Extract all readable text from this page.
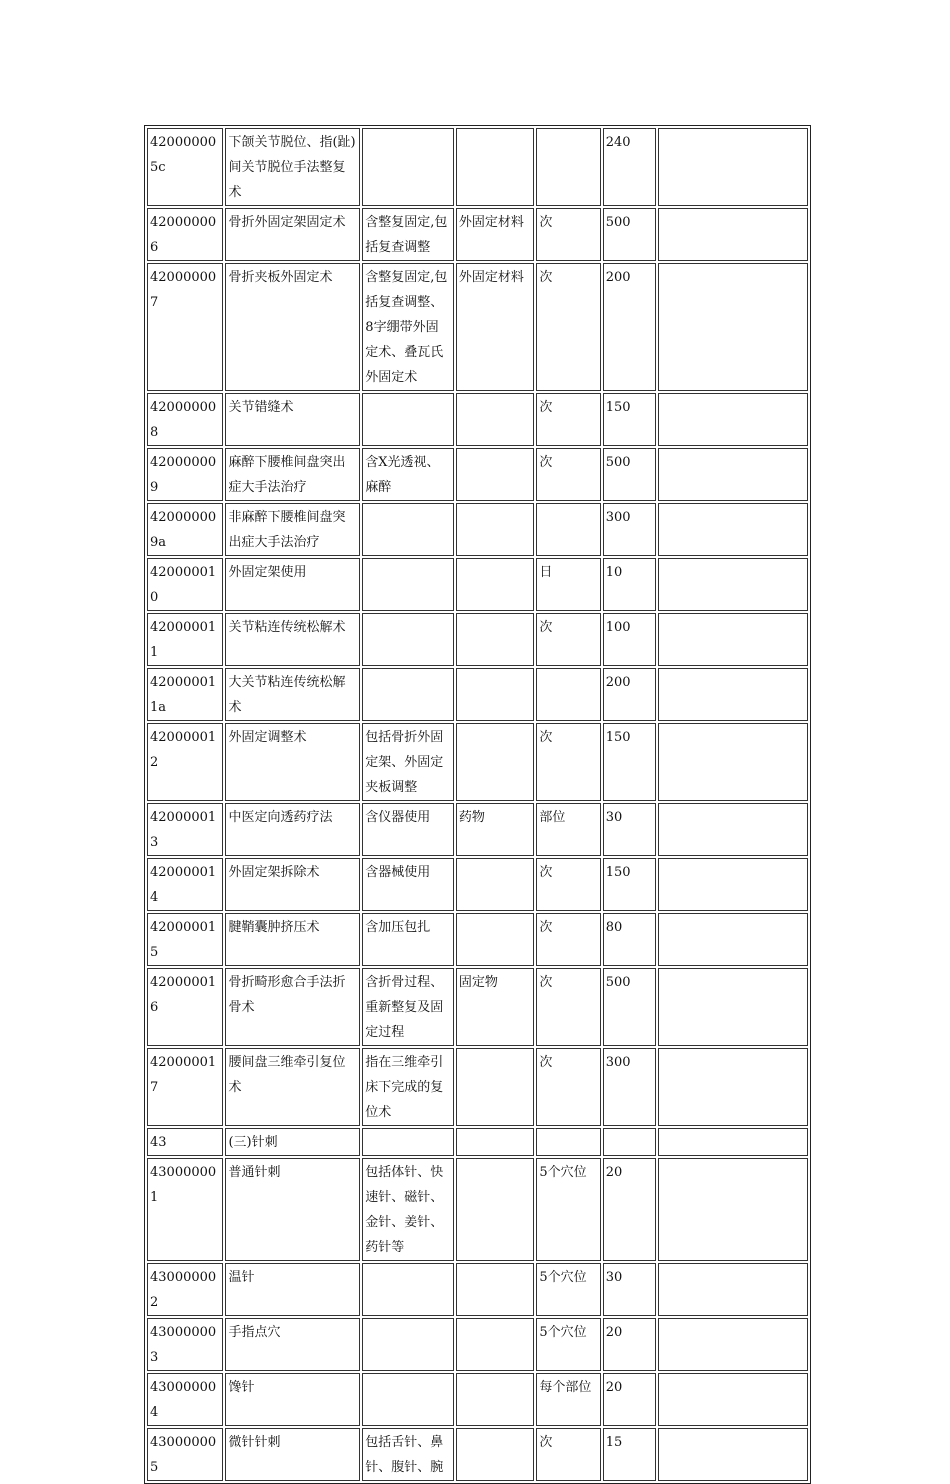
420000005c	下颌关节脱位、指(趾)间关节脱位手法整复术				240	
420000006	骨折外固定架固定术	含整复固定,包括复查调整	外固定材料	次	500	
420000007	骨折夹板外固定术	含整复固定,包括复查调整、8字绷带外固定术、叠瓦氏外固定术	外固定材料	次	200	
420000008	关节错缝术			次	150	
420000009	麻醉下腰椎间盘突出症大手法治疗	含X光透视、麻醉		次	500	
420000009a	非麻醉下腰椎间盘突出症大手法治疗				300	
420000010	外固定架使用			日	10	
420000011	关节粘连传统松解术			次	100	
420000011a	大关节粘连传统松解术				200	
420000012	外固定调整术	包括骨折外固定架、外固定夹板调整		次	150	
420000013	中医定向透药疗法	含仪器使用	药物	部位	30	
420000014	外固定架拆除术	含器械使用		次	150	
420000015	腱鞘囊肿挤压术	含加压包扎		次	80	
420000016	骨折畸形愈合手法折骨术	含折骨过程、重新整复及固定过程	固定物	次	500	
420000017	腰间盘三维牵引复位术	指在三维牵引床下完成的复位术		次	300	
43	(三)针刺					
430000001	普通针刺	包括体针、快速针、磁针、金针、姜针、药针等		5个穴位	20	
430000002	温针			5个穴位	30	
430000003	手指点穴			5个穴位	20	
430000004	馋针			每个部位	20	
430000005	微针针刺	包括舌针、鼻针、腹针、腕		次	15	
